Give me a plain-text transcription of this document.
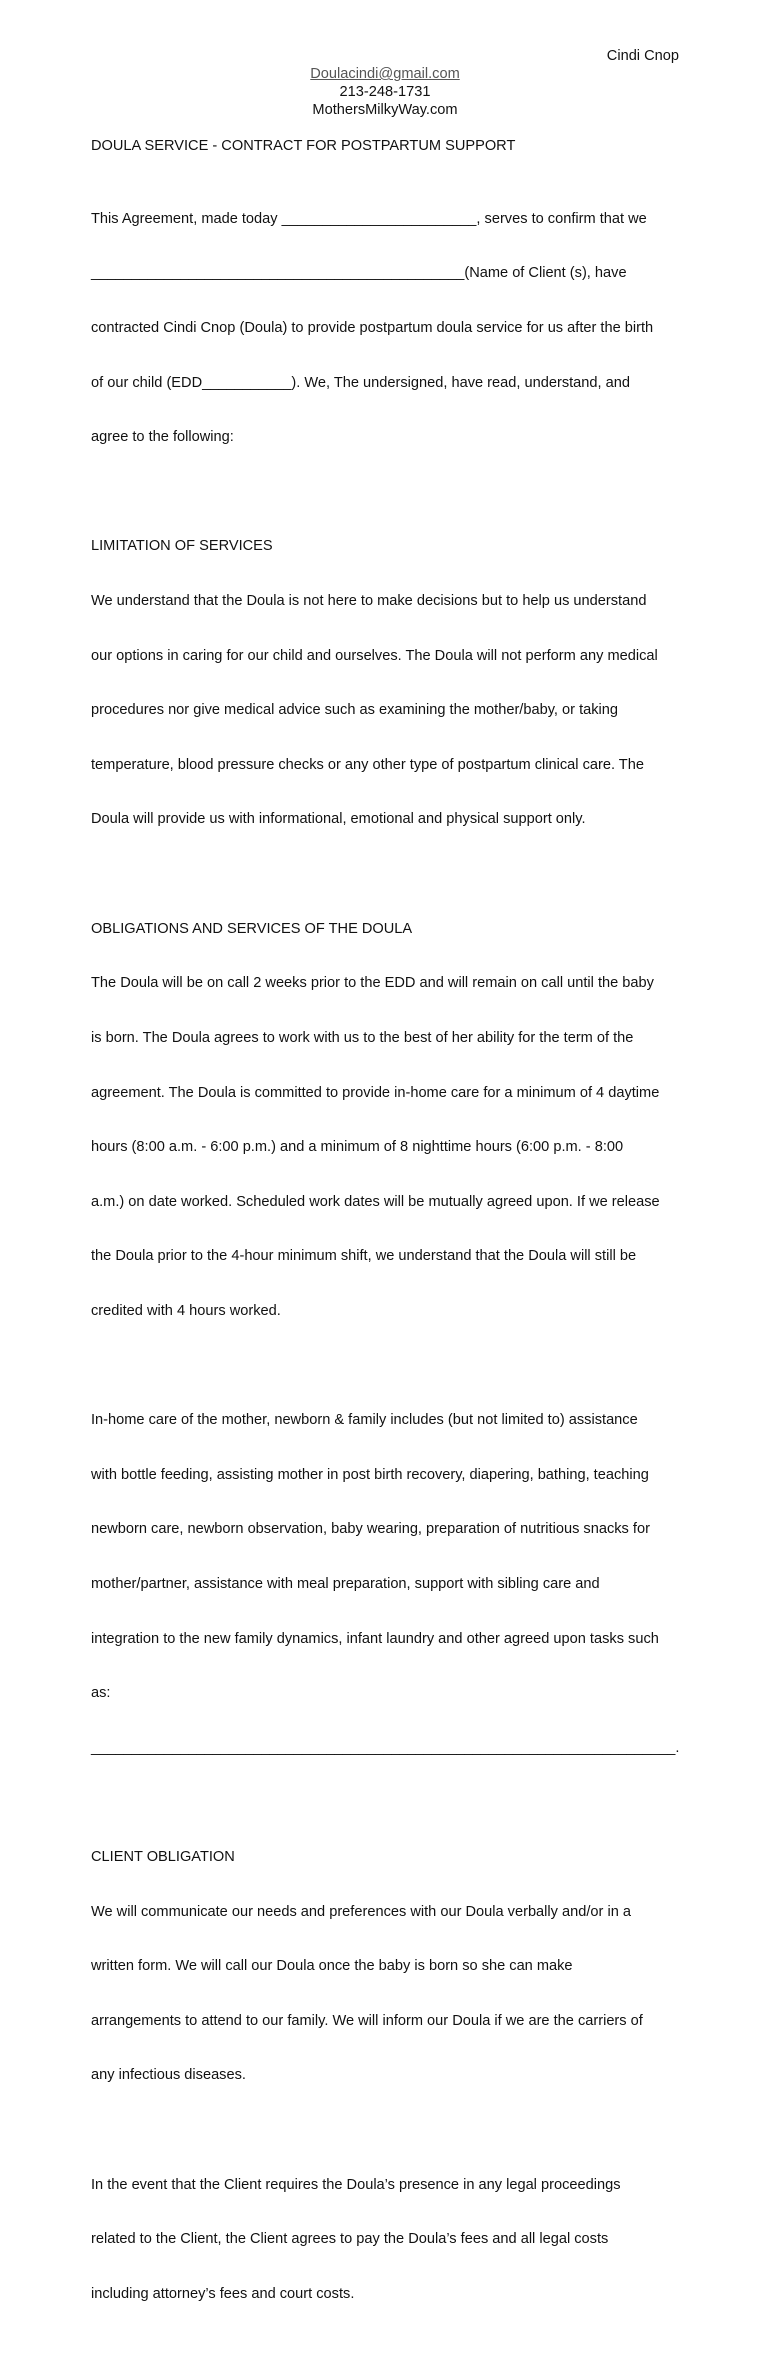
Cindi Cnop
Doulacindi@gmail.com
213-248-1731
MothersMilkyWay.com
DOULA SERVICE - CONTRACT FOR POSTPARTUM SUPPORT

This Agreement, made today ________________________, serves to confirm that we

______________________________________________(Name of Client (s), have

contracted Cindi Cnop (Doula) to provide postpartum doula service for us after the birth

of our child (EDD___________). We, The undersigned, have read, understand, and

agree to the following:

LIMITATION OF SERVICES

We understand that the Doula is not here to make decisions but to help us understand

our options in caring for our child and ourselves. The Doula will not perform any medical

procedures nor give medical advice such as examining the mother/baby, or taking

temperature, blood pressure checks or any other type of postpartum clinical care. The

Doula will provide us with informational, emotional and physical support only.

OBLIGATIONS AND SERVICES OF THE DOULA

The Doula will be on call 2 weeks prior to the EDD and will remain on call until the baby

is born. The Doula agrees to work with us to the best of her ability for the term of the

agreement. The Doula is committed to provide in-home care for a minimum of 4 daytime

hours (8:00 a.m. - 6:00 p.m.) and a minimum of 8 nighttime hours (6:00 p.m. - 8:00

a.m.) on date worked. Scheduled work dates will be mutually agreed upon. If we release

the Doula prior to the 4-hour minimum shift, we understand that the Doula will still be

credited with 4 hours worked.

In-home care of the mother, newborn & family includes (but not limited to) assistance

with bottle feeding, assisting mother in post birth recovery, diapering, bathing, teaching

newborn care, newborn observation, baby wearing, preparation of nutritious snacks for

mother/partner, assistance with meal preparation, support with sibling care and

integration to the new family dynamics, infant laundry and other agreed upon tasks such

as:

________________________________________________________________________.

CLIENT OBLIGATION

We will communicate our needs and preferences with our Doula verbally and/or in a

written form. We will call our Doula once the baby is born so she can make

arrangements to attend to our family. We will inform our Doula if we are the carriers of

any infectious diseases.

In the event that the Client requires the Doula’s presence in any legal proceedings

related to the Client, the Client agrees to pay the Doula’s fees and all legal costs

including attorney’s fees and court costs.
